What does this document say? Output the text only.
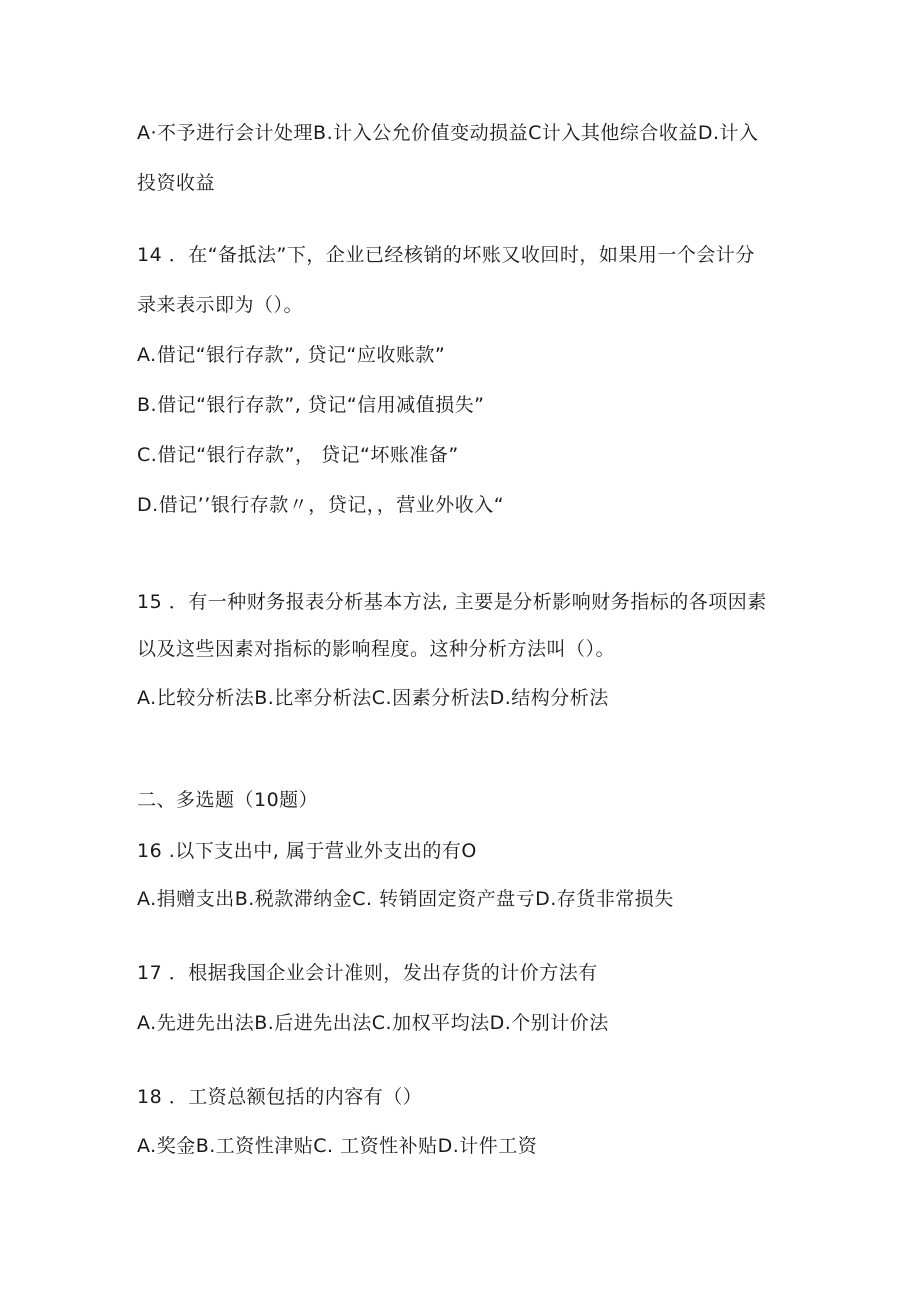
A·不予进行会计处理B.计入公允价值变动损益C计入其他综合收益D.计入
投资收益
14 ．在“备抵法”下，企业已经核销的坏账又收回时，如果用一个会计分
录来表示即为（）。
A.借记“银行存款”, 贷记“应收账款”
B.借记“银行存款”, 贷记“信用减值损失”
C.借记“银行存款”， 贷记“坏账准备”
D.借记’’银行存款〃，贷记，，营业外收入“
15 ．有一种财务报表分析基本方法, 主要是分析影响财务指标的各项因素
以及这些因素对指标的影响程度。这种分析方法叫（）。
A.比较分析法B.比率分析法C.因素分析法D.结构分析法
二、多选题（10题）
16 .以下支出中, 属于营业外支出的有O
A.捐赠支出B.税款滞纳金C. 转销固定资产盘亏D.存货非常损失
17 ．根据我国企业会计准则，发出存货的计价方法有
A.先进先出法B.后进先出法C.加权平均法D.个别计价法
18 ．工资总额包括的内容有（）
A.奖金B.工资性津贴C. 工资性补贴D.计件工资
